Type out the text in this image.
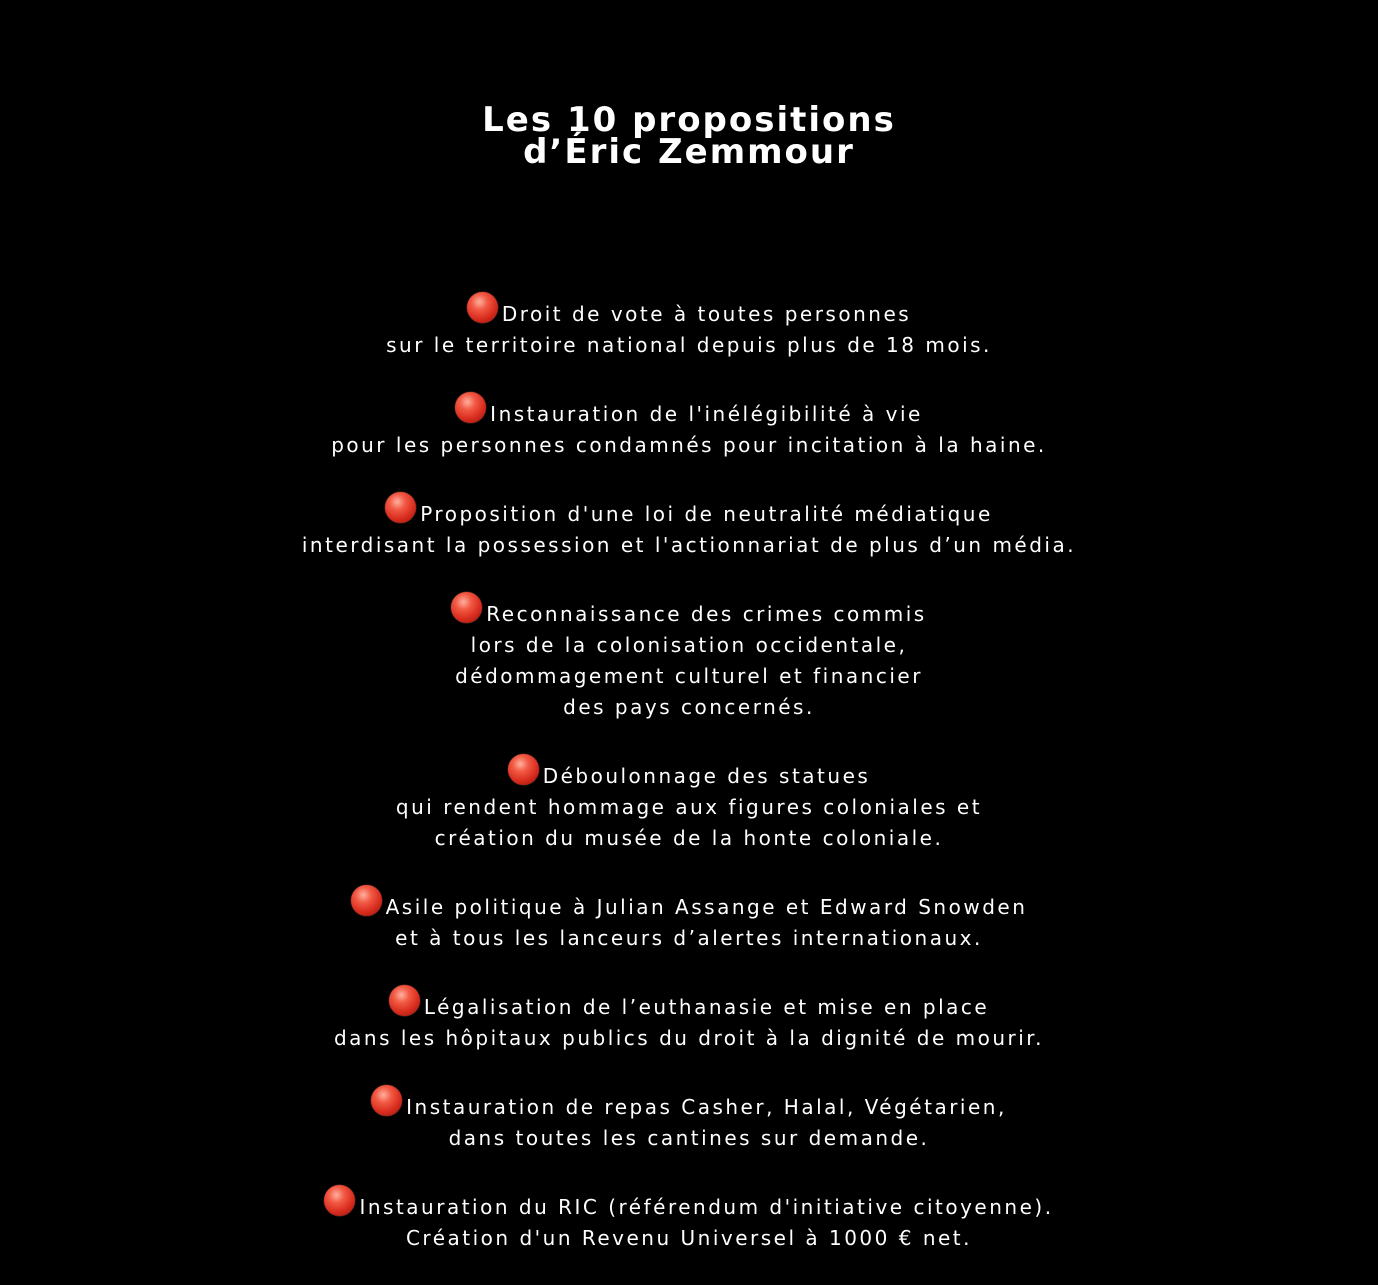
Les 10 propositions
d’Éric Zemmour
Droit de vote à toutes personnes
sur le territoire national depuis plus de 18 mois.
Instauration de l'inélégibilité à vie
pour les personnes condamnés pour incitation à la haine.
Proposition d'une loi de neutralité médiatique
interdisant la possession et l'actionnariat de plus d’un média.
Reconnaissance des crimes commis
lors de la colonisation occidentale,
dédommagement culturel et financier
des pays concernés.
Déboulonnage des statues
qui rendent hommage aux figures coloniales et
création du musée de la honte coloniale.
Asile politique à Julian Assange et Edward Snowden
et à tous les lanceurs d’alertes internationaux.
Légalisation de l’euthanasie et mise en place
dans les hôpitaux publics du droit à la dignité de mourir.
Instauration de repas Casher, Halal, Végétarien,
dans toutes les cantines sur demande.
Instauration du RIC (référendum d'initiative citoyenne).
Création d'un Revenu Universel à 1000 € net.
